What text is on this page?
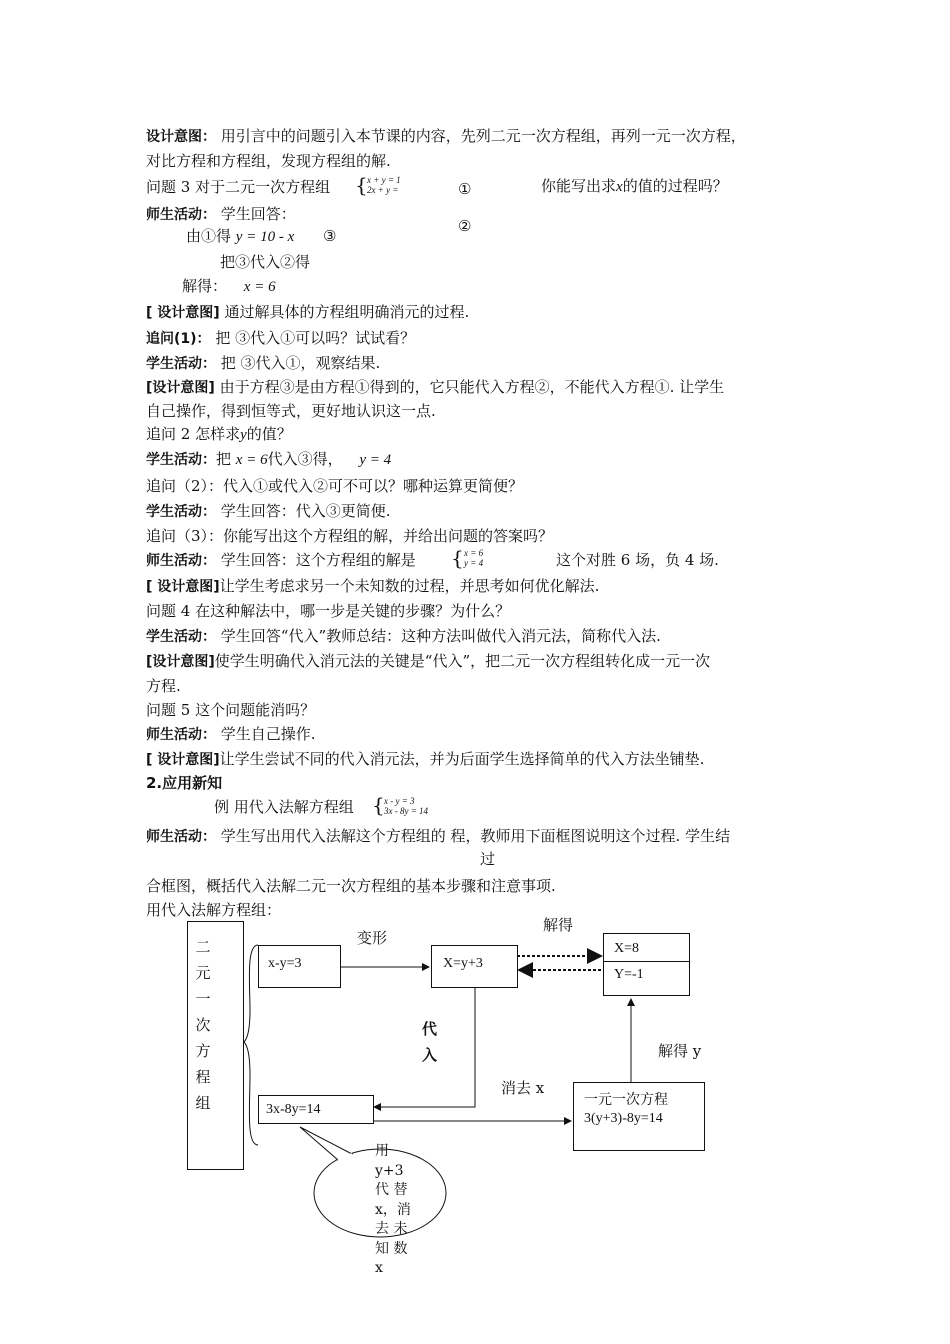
设计意图： 用引言中的问题引入本节课的内容，先列二元一次方程组，再列一元一次方程，
对比方程和方程组，发现方程组的解.
问题 3 对于二元一次方程组 { x + y = 1
2x + y =	①
②
你能写出求x的值的过程吗？
师生活动： 学生回答：
由①得 y = 10 - x ③
把③代入②得
解得： x = 6
[ 设计意图] 通过解具体的方程组明确消元的过程.
追问(1)： 把 ③代入①可以吗？试试看？
学生活动： 把 ③代入①，观察结果.
[设计意图] 由于方程③是由方程①得到的，它只能代入方程②，不能代入方程①. 让学生
自己操作，得到恒等式，更好地认识这一点.
追问 2 怎样求y的值？
学生活动：把 x = 6代入③得， y = 4
追问（2）：代入①或代入②可不可以？哪种运算更简便？
学生活动： 学生回答：代入③更简便.
追问（3）：你能写出这个方程组的解，并给出问题的答案吗？
师生活动： 学生回答：这个方程组的解是 { x = 6
y = 4	这个对胜 6 场，负 4 场.
[ 设计意图]让学生考虑求另一个未知数的过程，并思考如何优化解法.
问题 4 在这种解法中，哪一步是关键的步骤？为什么？
学生活动： 学生回答“代入”教师总结：这种方法叫做代入消元法，简称代入法.
[设计意图]使学生明确代入消元法的关键是“代入”，把二元一次方程组转化成一元一次
方程.
问题 5 这个问题能消吗？
师生活动： 学生自己操作.
[ 设计意图]让学生尝试不同的代入消元法，并为后面学生选择简单的代入方法坐铺垫.
2.应用新知
例 用代入法解方程组 { x - y = 3
3x - 8y = 14
师生活动： 学生写出用代入法解这个方程组的 程，教师用下面框图说明这个过程. 学生结
过
合框图，概括代入法解二元一次方程组的基本步骤和注意事项.
用代入法解方程组：
二
元
一
次
方
程
组
x-y=3	X=y+3
X=8
Y=-1
3x-8y=14
一元一次方程
3(y+3)-8y=14
变形
解得
代
入
消去 x
解得 y
用
y+3
代 替
x，消
去 未
知 数
x
